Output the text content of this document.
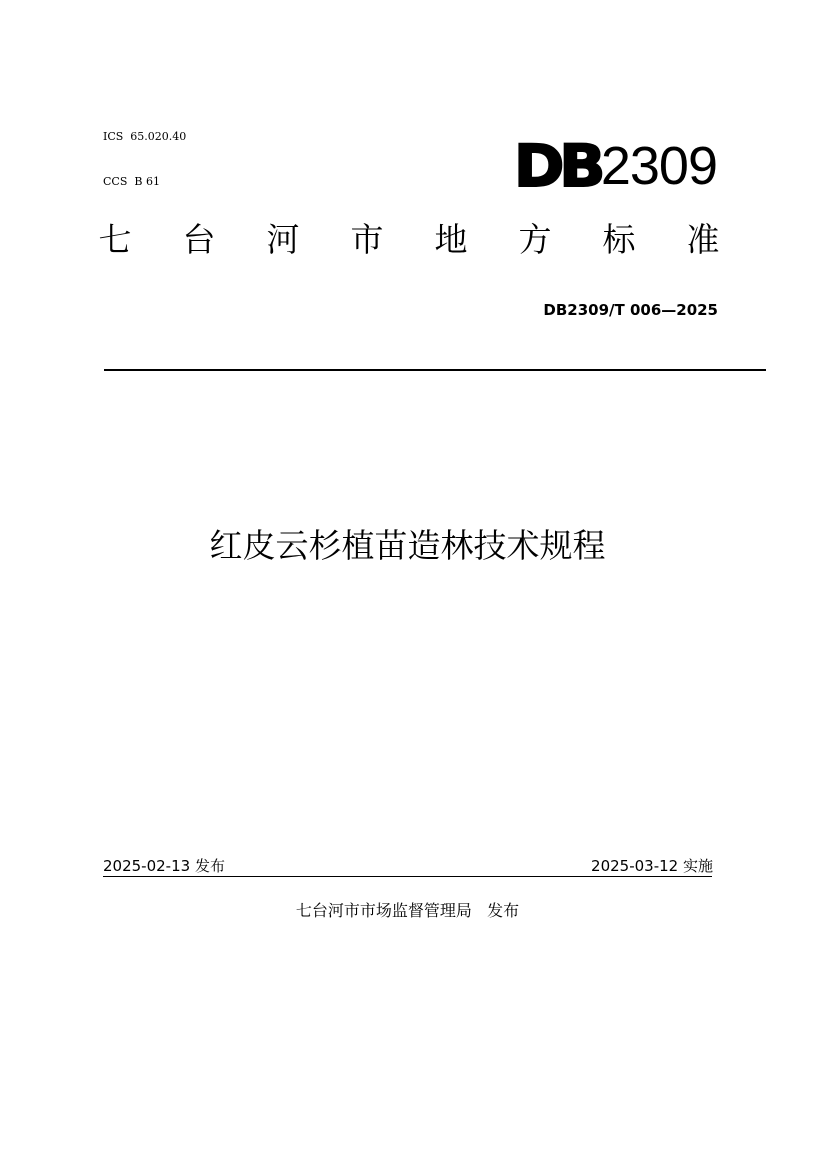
ICS  65.020.40

CCS  B 61

	DB 2309
七 台 河 市 地 方 标 准
DB2309/T 006—2025
红皮云杉植苗造林技术规程
2025-02-13 发布	2025-03-12 实施
七台河市市场监督管理局 发布
